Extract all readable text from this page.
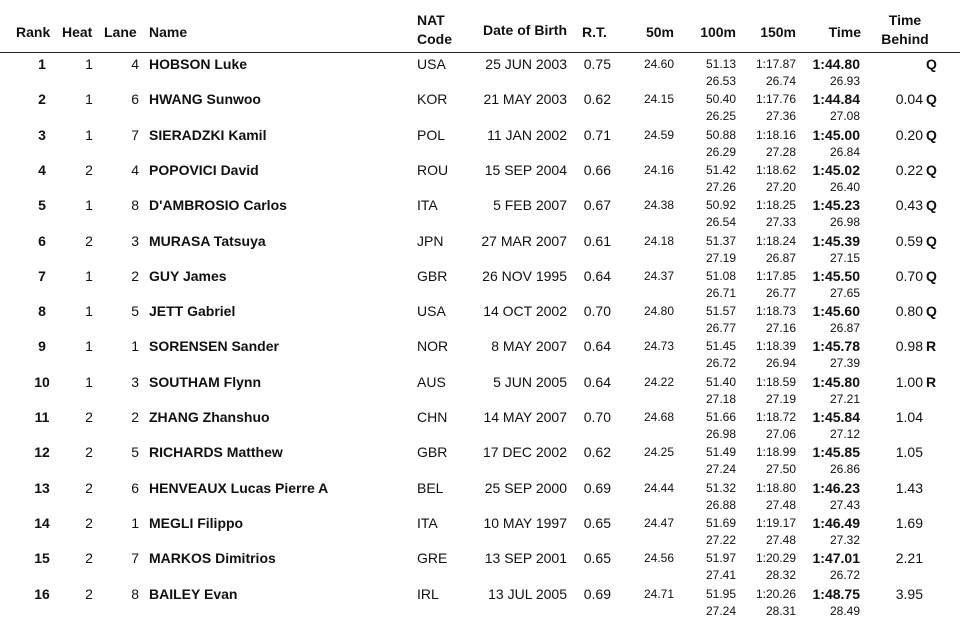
Rank Heat Lane Name
NAT
Code
Date of Birth R.T.	50m	100m	150m	Time
Time
Behind
1	1	4 HOBSON Luke	USA	25 JUN 2003	0.75	24.60	51.13	1:17.87	1:44.80	Q
26.53	26.74	26.93
2	1	6 HWANG Sunwoo	KOR	21 MAY 2003	0.62	24.15	50.40	1:17.76	1:44.84	0.04 Q
26.25	27.36	27.08
3	1	7 SIERADZKI Kamil	POL	11 JAN 2002	0.71	24.59	50.88	1:18.16	1:45.00	0.20 Q
26.29	27.28	26.84
4	2	4 POPOVICI David	ROU	15 SEP 2004	0.66	24.16	51.42	1:18.62	1:45.02	0.22 Q
27.26	27.20	26.40
5	1	8 D'AMBROSIO Carlos	ITA	5 FEB 2007	0.67	24.38	50.92	1:18.25	1:45.23	0.43 Q
26.54	27.33	26.98
6	2	3 MURASA Tatsuya	JPN	27 MAR 2007	0.61	24.18	51.37	1:18.24	1:45.39	0.59 Q
27.19	26.87	27.15
7	1	2 GUY James	GBR	26 NOV 1995	0.64	24.37	51.08	1:17.85	1:45.50	0.70 Q
26.71	26.77	27.65
8	1	5 JETT Gabriel	USA	14 OCT 2002	0.70	24.80	51.57	1:18.73	1:45.60	0.80 Q
26.77	27.16	26.87
9	1	1 SORENSEN Sander	NOR	8 MAY 2007	0.64	24.73	51.45	1:18.39	1:45.78	0.98 R
26.72	26.94	27.39
10	1	3 SOUTHAM Flynn	AUS	5 JUN 2005	0.64	24.22	51.40	1:18.59	1:45.80	1.00 R
27.18	27.19	27.21
11	2	2 ZHANG Zhanshuo	CHN	14 MAY 2007	0.70	24.68	51.66	1:18.72	1:45.84	1.04
26.98	27.06	27.12
12	2	5 RICHARDS Matthew	GBR	17 DEC 2002	0.62	24.25	51.49	1:18.99	1:45.85	1.05
27.24	27.50	26.86
13	2	6 HENVEAUX Lucas Pierre A	BEL	25 SEP 2000	0.69	24.44	51.32	1:18.80	1:46.23	1.43
26.88	27.48	27.43
14	2	1 MEGLI Filippo	ITA	10 MAY 1997	0.65	24.47	51.69	1:19.17	1:46.49	1.69
27.22	27.48	27.32
15	2	7 MARKOS Dimitrios	GRE	13 SEP 2001	0.65	24.56	51.97	1:20.29	1:47.01	2.21
27.41	28.32	26.72
16	2	8 BAILEY Evan	IRL	13 JUL 2005	0.69	24.71	51.95	1:20.26	1:48.75	3.95
27.24	28.31	28.49
